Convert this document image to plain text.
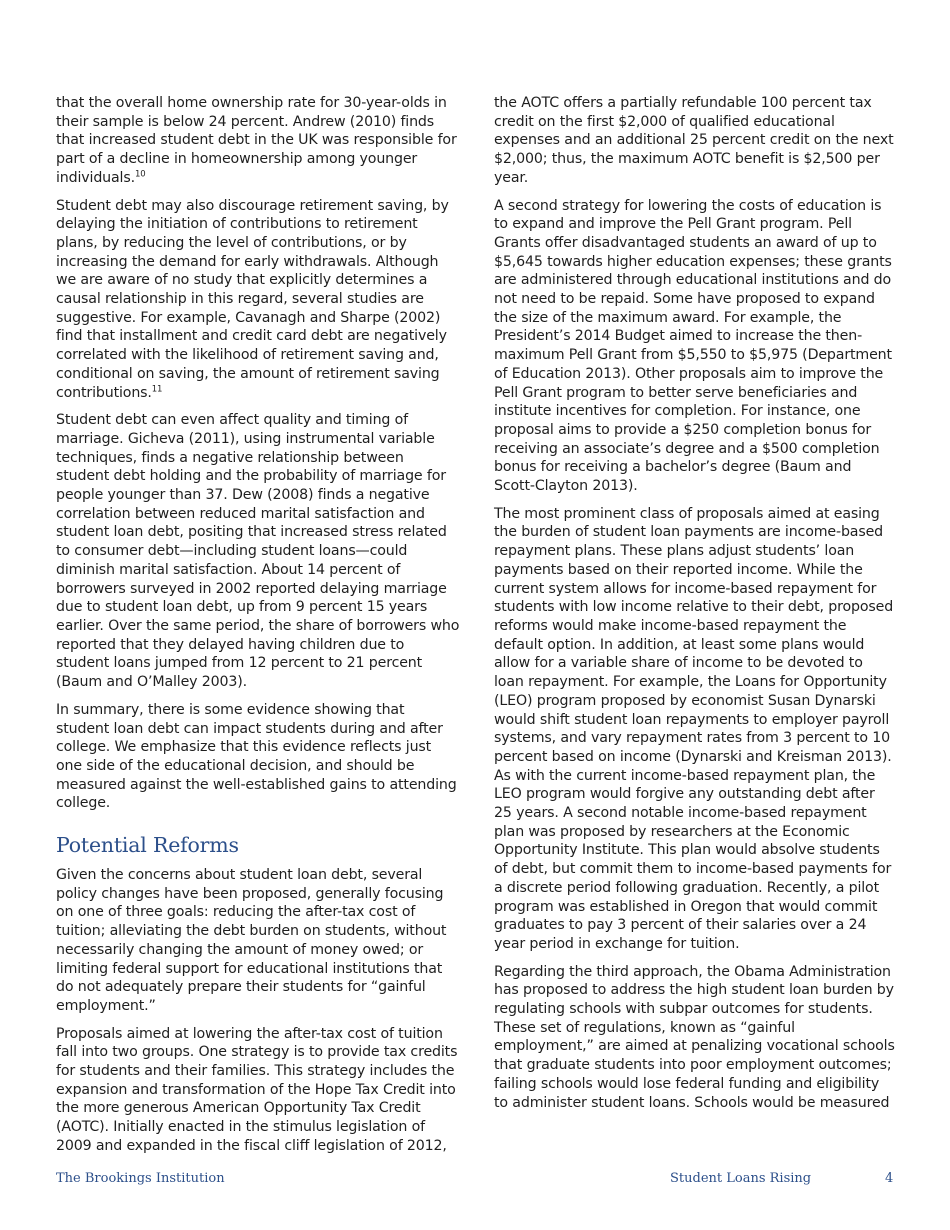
that the overall home ownership rate for 30-year-olds in their sample is below 24 percent. Andrew (2010) finds that increased student debt in the UK was responsible for part of a decline in homeownership among younger individuals.$^{10}$

Student debt may also discourage retirement saving, by delaying the initiation of contributions to retirement plans, by reducing the level of contributions, or by increasing the demand for early withdrawals. Although we are aware of no study that explicitly determines a causal relationship in this regard, several studies are suggestive. For example, Cavanagh and Sharpe (2002) find that installment and credit card debt are negatively correlated with the likelihood of retirement saving and, conditional on saving, the amount of retirement saving contributions.$^{11}$

Student debt can even affect quality and timing of marriage. Gicheva (2011), using instrumental variable techniques, finds a negative relationship between student debt holding and the probability of marriage for people younger than 37. Dew (2008) finds a negative correlation between reduced marital satisfaction and student loan debt, positing that increased stress related to consumer debt—including student loans—could diminish marital satisfaction. About 14 percent of borrowers surveyed in 2002 reported delaying marriage due to student loan debt, up from 9 percent 15 years earlier. Over the same period, the share of borrowers who reported that they delayed having children due to student loans jumped from 12 percent to 21 percent (Baum and O’Malley 2003).

In summary, there is some evidence showing that student loan debt can impact students during and after college. We emphasize that this evidence reflects just one side of the educational decision, and should be measured against the well-established gains to attending college.

Potential Reforms

Given the concerns about student loan debt, several policy changes have been proposed, generally focusing on one of three goals: reducing the after-tax cost of tuition; alleviating the debt burden on students, without necessarily changing the amount of money owed; or limiting federal support for educational institutions that do not adequately prepare their students for “gainful employment.”

Proposals aimed at lowering the after-tax cost of tuition fall into two groups. One strategy is to provide tax credits for students and their families. This strategy includes the expansion and transformation of the Hope Tax Credit into the more generous American Opportunity Tax Credit (AOTC). Initially enacted in the stimulus legislation of 2009 and expanded in the fiscal cliff legislation of 2012,

the AOTC offers a partially refundable 100 percent tax credit on the first $2,000 of qualified educational expenses and an additional 25 percent credit on the next $2,000; thus, the maximum AOTC benefit is $2,500 per year.

A second strategy for lowering the costs of education is to expand and improve the Pell Grant program. Pell Grants offer disadvantaged students an award of up to $5,645 towards higher education expenses; these grants are administered through educational institutions and do not need to be repaid. Some have proposed to expand the size of the maximum award. For example, the President’s 2014 Budget aimed to increase the then-maximum Pell Grant from $5,550 to $5,975 (Department of Education 2013). Other proposals aim to improve the Pell Grant program to better serve beneficiaries and institute incentives for completion. For instance, one proposal aims to provide a $250 completion bonus for receiving an associate’s degree and a $500 completion bonus for receiving a bachelor’s degree (Baum and Scott-Clayton 2013).

The most prominent class of proposals aimed at easing the burden of student loan payments are income-based repayment plans. These plans adjust students’ loan payments based on their reported income. While the current system allows for income-based repayment for students with low income relative to their debt, proposed reforms would make income-based repayment the default option. In addition, at least some plans would allow for a variable share of income to be devoted to loan repayment. For example, the Loans for Opportunity (LEO) program proposed by economist Susan Dynarski would shift student loan repayments to employer payroll systems, and vary repayment rates from 3 percent to 10 percent based on income (Dynarski and Kreisman 2013). As with the current income-based repayment plan, the LEO program would forgive any outstanding debt after 25 years. A second notable income-based repayment plan was proposed by researchers at the Economic Opportunity Institute. This plan would absolve students of debt, but commit them to income-based payments for a discrete period following graduation. Recently, a pilot program was established in Oregon that would commit graduates to pay 3 percent of their salaries over a 24 year period in exchange for tuition.

Regarding the third approach, the Obama Administration has proposed to address the high student loan burden by regulating schools with subpar outcomes for students. These set of regulations, known as “gainful employment,” are aimed at penalizing vocational schools that graduate students into poor employment outcomes; failing schools would lose federal funding and eligibility to administer student loans. Schools would be measured

The Brookings Institution	Student Loans Rising	4
